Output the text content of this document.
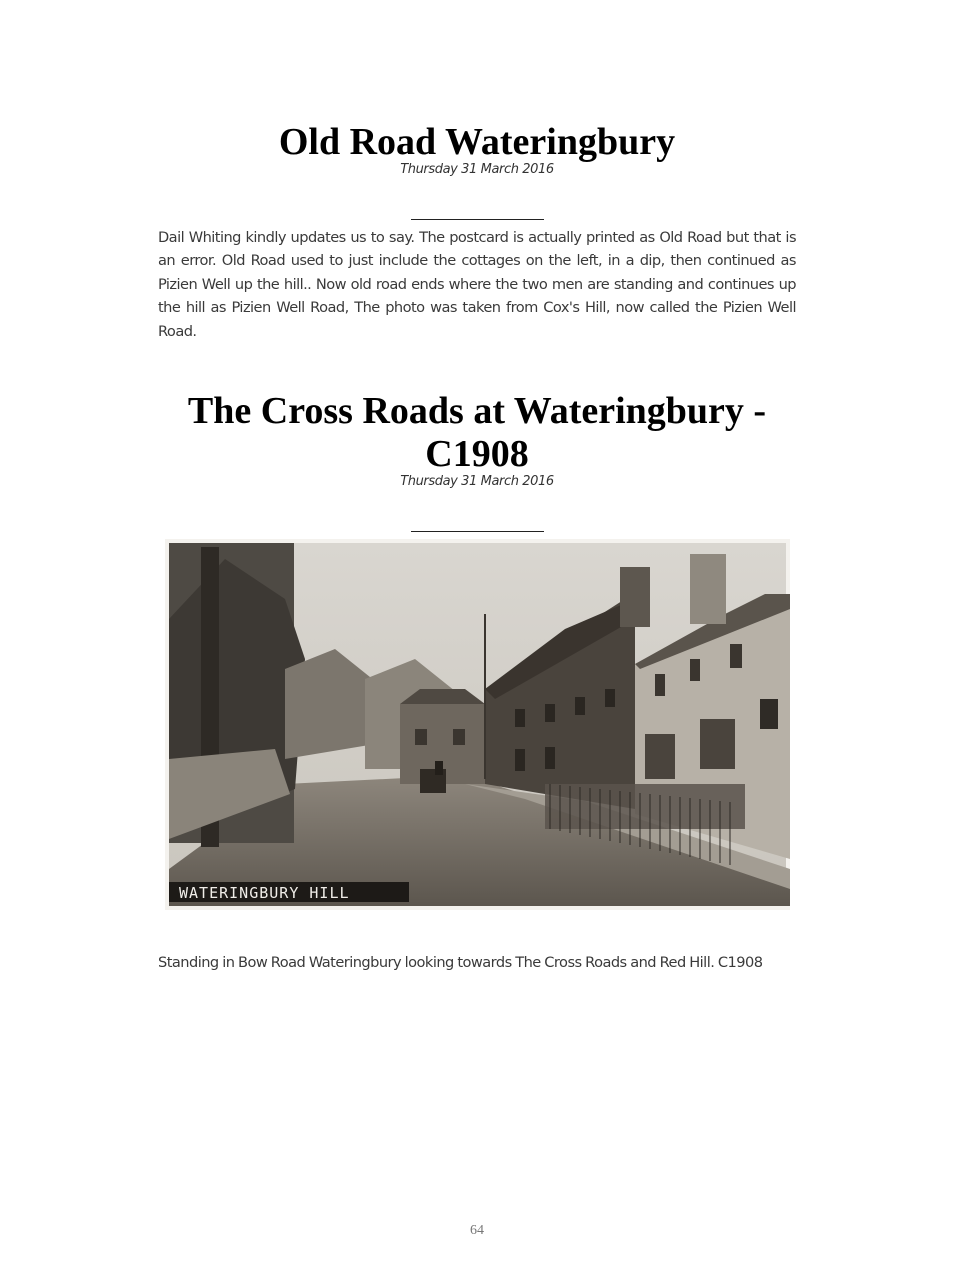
Old Road Wateringbury
Thursday 31 March 2016

Dail Whiting kindly updates us to say. The postcard is actually printed as Old Road but that is an error. Old Road used to just include the cottages on the left, in a dip, then continued as Pizien Well up the hill.. Now old road ends where the two men are standing and continues up the hill as Pizien Well Road, The photo was taken from Cox's Hill, now called the Pizien Well Road.

The Cross Roads at Wateringbury -
C1908
Thursday 31 March 2016
WATERINGBURY HILL

Standing in Bow Road Wateringbury looking towards The Cross Roads and Red Hill. C1908

64
